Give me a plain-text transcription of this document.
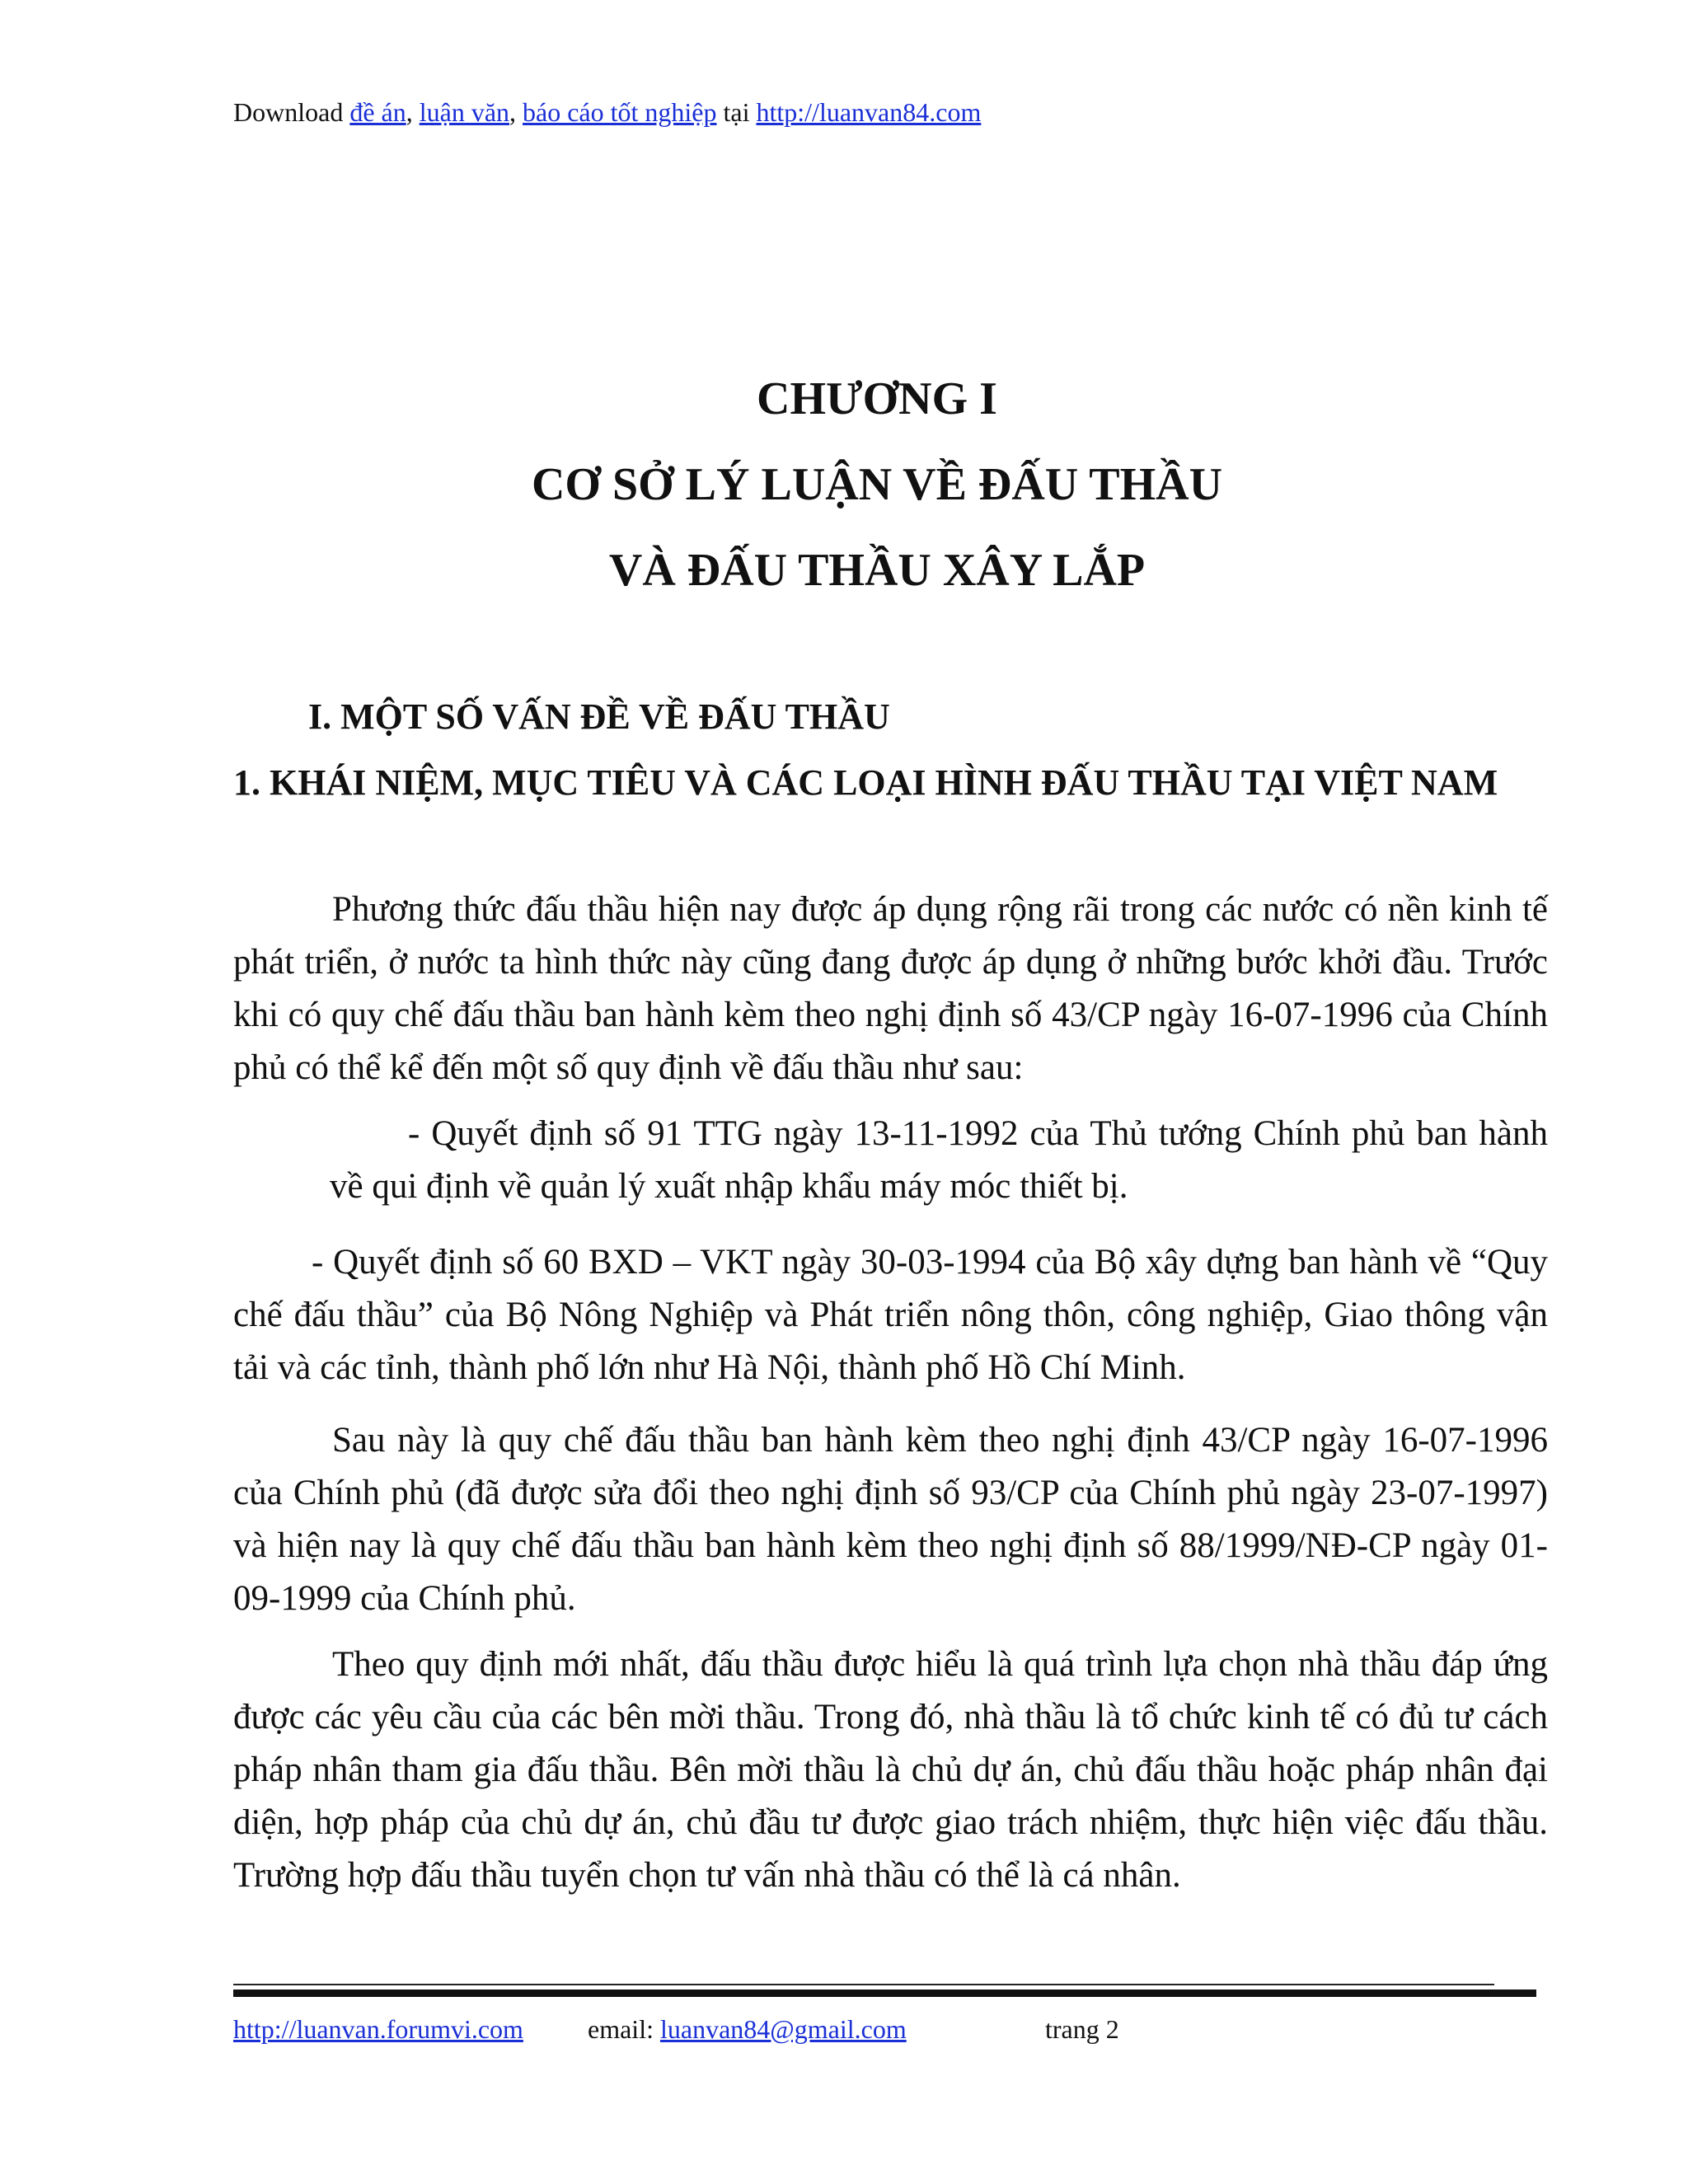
Download đề án, luận văn, báo cáo tốt nghiệp tại http://luanvan84.com
CHƯƠNG I
CƠ SỞ LÝ LUẬN VỀ ĐẤU THẦU
VÀ ĐẤU THẦU XÂY LẮP
I. MỘT SỐ VẤN ĐỀ VỀ ĐẤU THẦU
1. KHÁI NIỆM, MỤC TIÊU VÀ CÁC LOẠI HÌNH ĐẤU THẦU TẠI VIỆT NAM
Phương thức đấu thầu hiện nay được áp dụng rộng rãi trong các nước có nền kinh tế phát triển, ở nước ta hình thức này cũng đang được áp dụng ở những bước khởi đầu. Trước khi có quy chế đấu thầu ban hành kèm theo nghị định số 43/CP ngày 16-07-1996 của Chính phủ có thể kể đến một số quy định về đấu thầu như sau:
- Quyết định số 91 TTG ngày 13-11-1992 của Thủ tướng Chính phủ ban hành về qui định về quản lý xuất nhập khẩu máy móc thiết bị.
- Quyết định số 60 BXD – VKT ngày 30-03-1994 của Bộ xây dựng ban hành về “Quy chế đấu thầu” của Bộ Nông Nghiệp và Phát triển nông thôn, công nghiệp, Giao thông vận tải và các tỉnh, thành phố lớn như Hà Nội, thành phố Hồ Chí Minh.
Sau này là quy chế đấu thầu ban hành kèm theo nghị định 43/CP ngày 16-07-1996 của Chính phủ (đã được sửa đổi theo nghị định số 93/CP của Chính phủ ngày 23-07-1997) và hiện nay là quy chế đấu thầu ban hành kèm theo nghị định số 88/1999/NĐ-CP ngày 01-09-1999 của Chính phủ.
Theo quy định mới nhất, đấu thầu được hiểu là quá trình lựa chọn nhà thầu đáp ứng được các yêu cầu của các bên mời thầu. Trong đó, nhà thầu là tổ chức kinh tế có đủ tư cách pháp nhân tham gia đấu thầu. Bên mời thầu là chủ dự án, chủ đấu thầu hoặc pháp nhân đại diện, hợp pháp của chủ dự án, chủ đầu tư được giao trách nhiệm, thực hiện việc đấu thầu. Trường hợp đấu thầu tuyển chọn tư vấn nhà thầu có thể là cá nhân.
http://luanvan.forumvi.com email: luanvan84@gmail.com	trang 2
